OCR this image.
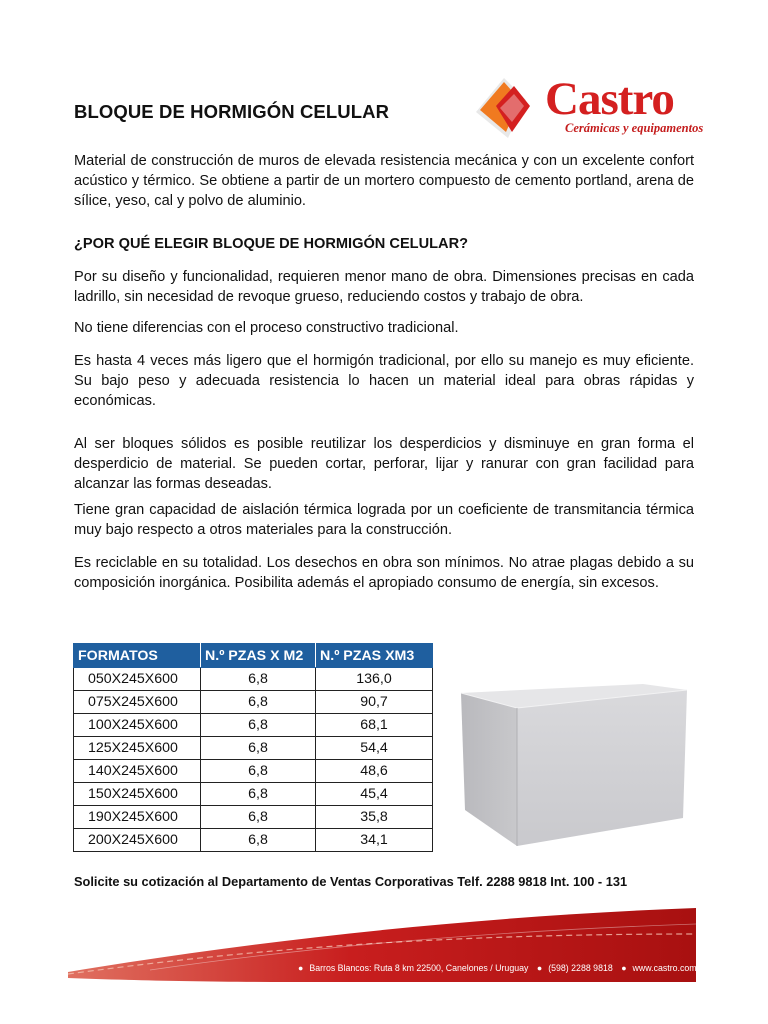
Castro
Cerámicas y equipamentos
BLOQUE DE HORMIGÓN CELULAR
Material de construcción de muros de elevada resistencia mecánica y con un excelente confort acústico y térmico. Se obtiene a partir de un mortero compuesto de cemento portland, arena de sílice, yeso, cal y polvo de aluminio.
¿POR QUÉ ELEGIR BLOQUE DE HORMIGÓN CELULAR?
Por su diseño y funcionalidad, requieren menor mano de obra. Dimensiones precisas en cada ladrillo, sin necesidad de revoque grueso, reduciendo costos y trabajo de obra.
No tiene diferencias con el proceso constructivo tradicional.
Es hasta 4 veces más ligero que el hormigón tradicional, por ello su manejo es muy eficiente. Su bajo peso y adecuada resistencia lo hacen un material ideal para obras rápidas y económicas.
Al ser bloques sólidos es posible reutilizar los desperdicios y disminuye en gran forma el desperdicio de material. Se pueden cortar, perforar, lijar y ranurar con gran facilidad para alcanzar las formas deseadas.
Tiene gran capacidad de aislación térmica lograda por un coeficiente de transmitancia térmica muy bajo respecto a otros materiales para la construcción.
Es reciclable en su totalidad. Los desechos en obra son mínimos. No atrae plagas debido a su composición inorgánica. Posibilita además el apropiado consumo de energía, sin excesos.
FORMATOS	N.º PZAS X M2	N.º PZAS XM3
050X245X600	6,8	136,0
075X245X600	6,8	90,7
100X245X600	6,8	68,1
125X245X600	6,8	54,4
140X245X600	6,8	48,6
150X245X600	6,8	45,4
190X245X600	6,8	35,8
200X245X600	6,8	34,1
Solicite su cotización al Departamento de Ventas Corporativas Telf. 2288 9818 Int. 100 - 131
● Barros Blancos: Ruta 8 km 22500, Canelones / Uruguay ● (598) 2288 9818 ● www.castro.com.uy
